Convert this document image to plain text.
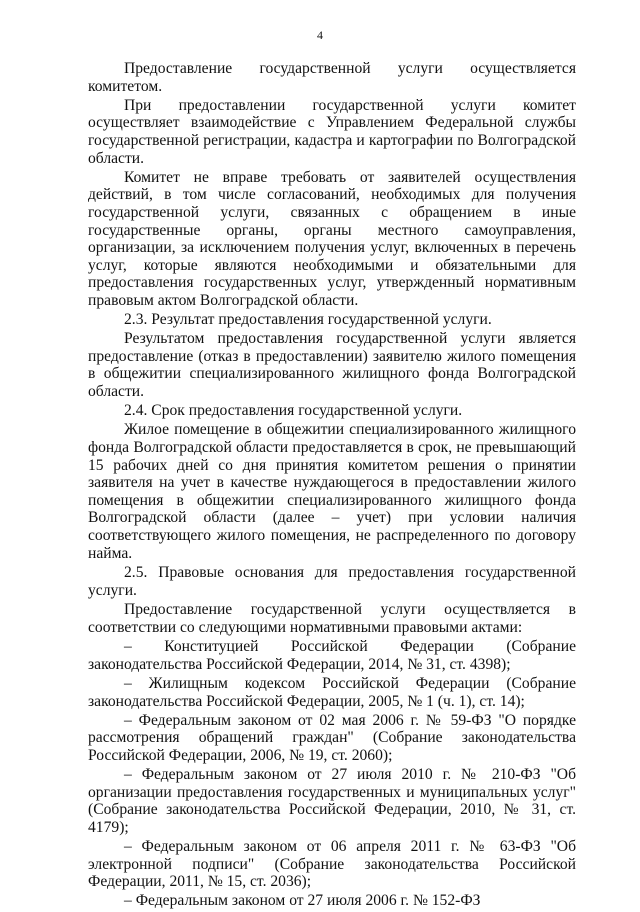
4

Предоставление государственной услуги осуществляется комитетом.

При предоставлении государственной услуги комитет осуществляет взаимодействие с Управлением Федеральной службы государственной регистрации, кадастра и картографии по Волгоградской области.

Комитет не вправе требовать от заявителей осуществления действий, в том числе согласований, необходимых для получения государственной услуги, связанных с обращением в иные государственные органы, органы местного самоуправления, организации, за исключением получения услуг, включенных в перечень услуг, которые являются необходимыми и обязательными для предоставления государственных услуг, утвержденный нормативным правовым актом Волгоградской области.

2.3. Результат предоставления государственной услуги.

Результатом предоставления государственной услуги является предоставление (отказ в предоставлении) заявителю жилого помещения в общежитии специализированного жилищного фонда Волгоградской области.

2.4. Срок предоставления государственной услуги.

Жилое помещение в общежитии специализированного жилищного фонда Волгоградской области предоставляется в срок, не превышающий 15 рабочих дней со дня принятия комитетом решения о принятии заявителя на учет в качестве нуждающегося в предоставлении жилого помещения в общежитии специализированного жилищного фонда Волгоградской области (далее – учет) при условии наличия соответствующего жилого помещения, не распределенного по договору найма.

2.5. Правовые основания для предоставления государственной услуги.

Предоставление государственной услуги осуществляется в соответствии со следующими нормативными правовыми актами:

– Конституцией Российской Федерации (Собрание законодательства Российской Федерации, 2014, № 31, ст. 4398);

– Жилищным кодексом Российской Федерации (Собрание законодательства Российской Федерации, 2005, № 1 (ч. 1), ст. 14);

– Федеральным законом от 02 мая 2006 г. № 59-ФЗ "О порядке рассмотрения обращений граждан" (Собрание законодательства Российской Федерации, 2006, № 19, ст. 2060);

– Федеральным законом от 27 июля 2010 г. № 210-ФЗ "Об организации предоставления государственных и муниципальных услуг" (Собрание законодательства Российской Федерации, 2010, № 31, ст. 4179);

– Федеральным законом от 06 апреля 2011 г. № 63-ФЗ "Об электронной подписи" (Собрание законодательства Российской Федерации, 2011, № 15, ст. 2036);

– Федеральным законом от 27 июля 2006 г. № 152-ФЗ
